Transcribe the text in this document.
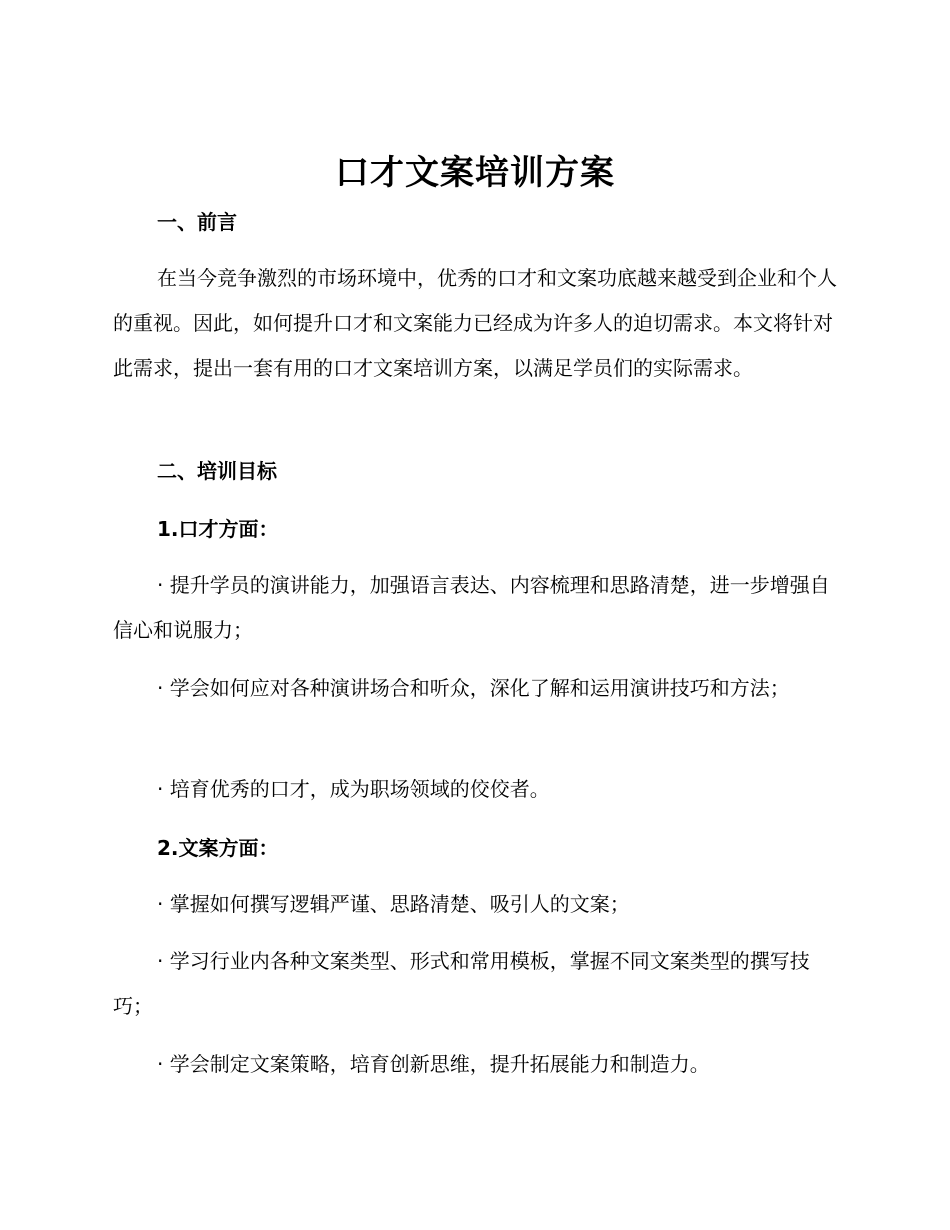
口才文案培训方案
一、前言

在当今竞争激烈的市场环境中，优秀的口才和文案功底越来越受到企业和个人的重视。因此，如何提升口才和文案能力已经成为许多人的迫切需求。本文将针对此需求，提出一套有用的口才文案培训方案，以满足学员们的实际需求。

二、培训目标
1.口才方面：

· 提升学员的演讲能力，加强语言表达、内容梳理和思路清楚，进一步增强自信心和说服力；

· 学会如何应对各种演讲场合和听众，深化了解和运用演讲技巧和方法；

· 培育优秀的口才，成为职场领域的佼佼者。

2.文案方面：

· 掌握如何撰写逻辑严谨、思路清楚、吸引人的文案；

· 学习行业内各种文案类型、形式和常用模板，掌握不同文案类型的撰写技巧；

· 学会制定文案策略，培育创新思维，提升拓展能力和制造力。
